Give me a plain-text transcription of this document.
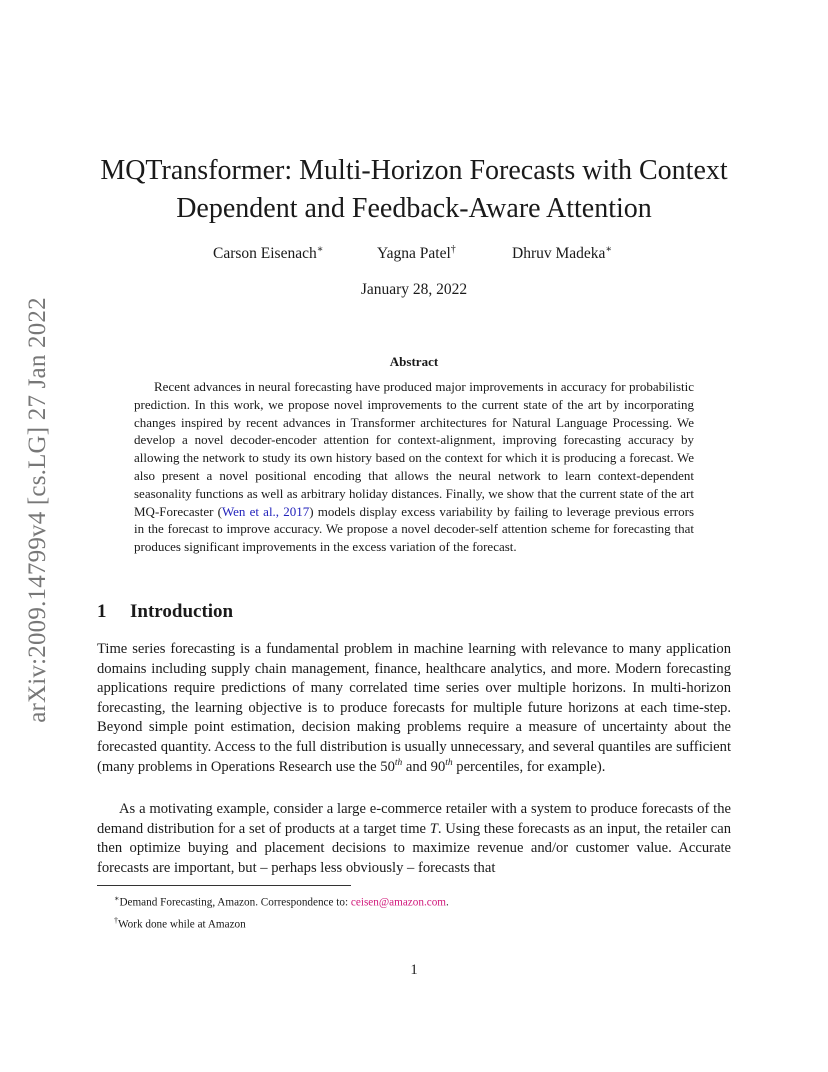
arXiv:2009.14799v4 [cs.LG] 27 Jan 2022
MQTransformer: Multi-Horizon Forecasts with Context
Dependent and Feedback-Aware Attention
Carson Eisenach∗	Yagna Patel†	Dhruv Madeka∗
January 28, 2022
Abstract

Recent advances in neural forecasting have produced major improvements in accuracy for probabilistic prediction. In this work, we propose novel improvements to the current state of the art by incorporating changes inspired by recent advances in Transformer architectures for Natural Language Processing. We develop a novel decoder-encoder attention for context-alignment, improving forecasting accuracy by allowing the network to study its own history based on the context for which it is producing a forecast. We also present a novel positional encoding that allows the neural network to learn context-dependent seasonality functions as well as arbitrary holiday distances. Finally, we show that the current state of the art MQ-Forecaster (Wen et al., 2017) models display excess variability by failing to leverage previous errors in the forecast to improve accuracy. We propose a novel decoder-self attention scheme for forecasting that produces significant improvements in the excess variation of the forecast.

1 Introduction

Time series forecasting is a fundamental problem in machine learning with relevance to many application domains including supply chain management, finance, healthcare analytics, and more. Modern forecasting applications require predictions of many correlated time series over multiple horizons. In multi-horizon forecasting, the learning objective is to produce forecasts for multiple future horizons at each time-step. Beyond simple point estimation, decision making problems require a measure of uncertainty about the forecasted quantity. Access to the full distribution is usually unnecessary, and several quantiles are sufficient (many problems in Operations Research use the 50th and 90th percentiles, for example).

As a motivating example, consider a large e-commerce retailer with a system to produce forecasts of the demand distribution for a set of products at a target time T. Using these forecasts as an input, the retailer can then optimize buying and placement decisions to maximize revenue and/or customer value. Accurate forecasts are important, but – perhaps less obviously – forecasts that

∗Demand Forecasting, Amazon. Correspondence to: ceisen@amazon.com.
†Work done while at Amazon
1
